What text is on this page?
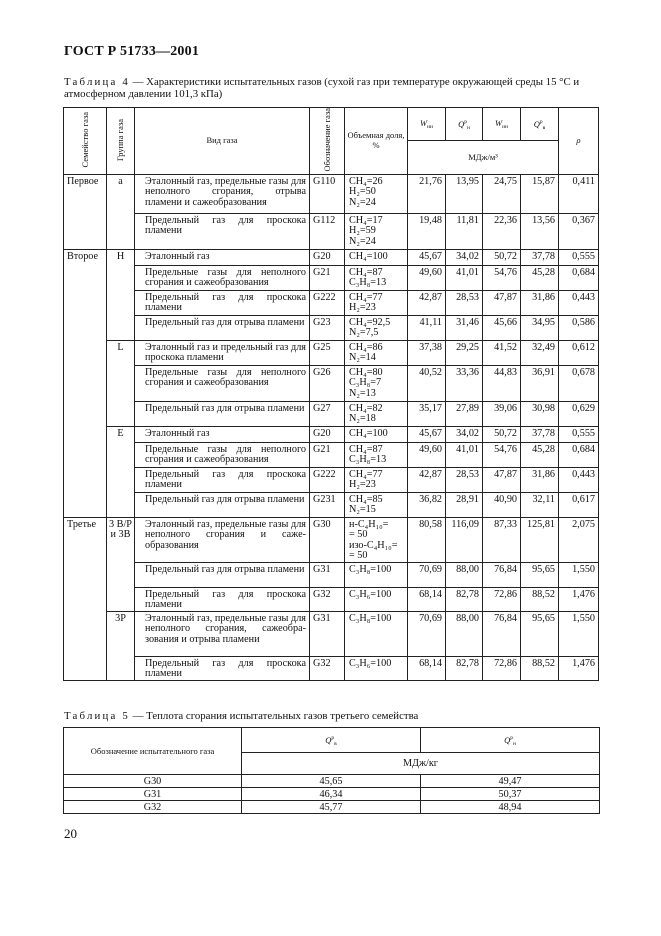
ГОСТ Р 51733—2001
Таблица 4 — Характеристики испытательных газов (сухой газ при температуре окружающей среды 15 °С и атмосферном давлении 101,3 кПа)
Семейство газа	Группа газа	Вид газа	Обозначение газа	Объемная доля, %	$W_{ии}$	$Q^р_н$	$W_{ин}$	$Q^р_в$	ρ
					МДж/м³				
Первое	а	Эталонный газ, предельные газы для неполного сгорания, отрыва пламени и сажеобразования	G110	CH₄=26
H₂=50
N₂=24	21,76	13,95	24,75	15,87	0,411

		Предельный газ для проскока пламени	G112	CH₄=17
H₂=59
N₂=24	19,48	11,81	22,36	13,56	0,367
Второе	Н	Эталонный газ	G20	CH₄=100	45,67	34,02	50,72	37,78	0,555

		Предельные газы для неполного сгорания и сажеобразования	G21	CH₄=87
C₃H₈=13	49,60	41,01	54,76	45,28	0,684

		Предельный газ для проскока пламени	G222	CH₄=77
H₂=23	42,87	28,53	47,87	31,86	0,443

		Предельный газ для отрыва пламени	G23	CH₄=92,5
N₂=7,5	41,11	31,46	45,66	34,95	0,586
	L	Эталонный газ и предельный газ для проскока пламени	G25	CH₄=86
N₂=14	37,38	29,25	41,52	32,49	0,612

		Предельные газы для неполного сгорания и сажеобразования	G26	CH₄=80
C₃H₈=7
N₂=13	40,52	33,36	44,83	36,91	0,678

		Предельный газ для отрыва пламени	G27	CH₄=82
N₂=18	35,17	27,89	39,06	30,98	0,629
	Е	Эталонный газ	G20	CH₄=100	45,67	34,02	50,72	37,78	0,555

		Предельные газы для неполного сгорания и сажеобразования	G21	CH₄=87
C₃H₈=13	49,60	41,01	54,76	45,28	0,684

		Предельный газ для проскока пламени	G222	CH₄=77
H₂=23	42,87	28,53	47,87	31,86	0,443

		Предельный газ для отрыва пламени	G231	CH₄=85
N₂=15	36,82	28,91	40,90	32,11	0,617
Третье	3 В/Р и 3В	Эталонный газ, предельные газы для неполного сгорания и саже-образования	G30	н-C₄H₁₀=
= 50
изо-C₄H₁₀=
= 50	80,58	116,09	87,33	125,81	2,075

		Предельный газ для отрыва пламени	G31	C₃H₈=100	70,69	88,00	76,84	95,65	1,550

		Предельный газ для проскока пламени	G32	C₃H₆=100	68,14	82,78	72,86	88,52	1,476
	3Р	Эталонный газ, предельные газы для неполного сгорания, сажеобра-зования и отрыва пламени	G31	C₃H₈=100	70,69	88,00	76,84	95,65	1,550

		Предельный газ для проскока пламени	G32	C₃H₆=100	68,14	82,78	72,86	88,52	1,476
Таблица 5 — Теплота сгорания испытательных газов третьего семейства
Обозначение испытательного газа	$Q^р_в$	$Q^р_н$
	МДж/кг	
G30	45,65	49,47
G31	46,34	50,37
G32	45,77	48,94
20
